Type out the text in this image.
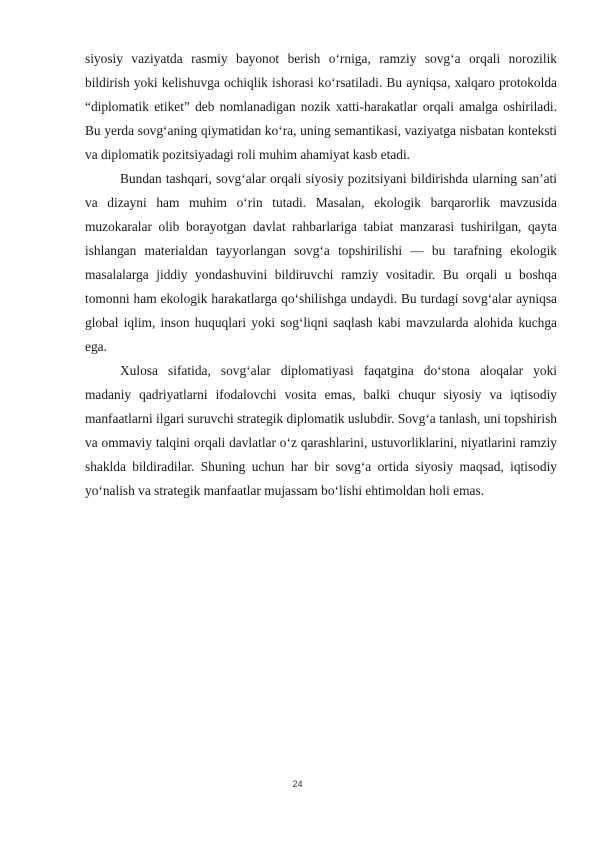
siyosiy vaziyatda rasmiy bayonot berish o‘rniga, ramziy sovg‘a orqali norozilik bildirish yoki kelishuvga ochiqlik ishorasi ko‘rsatiladi. Bu ayniqsa, xalqaro protokolda “diplomatik etiket” deb nomlanadigan nozik xatti-harakatlar orqali amalga oshiriladi. Bu yerda sovg‘aning qiymatidan ko‘ra, uning semantikasi, vaziyatga nisbatan konteksti va diplomatik pozitsiyadagi roli muhim ahamiyat kasb etadi.

Bundan tashqari, sovg‘alar orqali siyosiy pozitsiyani bildirishda ularning san’ati va dizayni ham muhim o‘rin tutadi. Masalan, ekologik barqarorlik mavzusida muzokaralar olib borayotgan davlat rahbarlariga tabiat manzarasi tushirilgan, qayta ishlangan materialdan tayyorlangan sovg‘a topshirilishi — bu tarafning ekologik masalalarga jiddiy yondashuvini bildiruvchi ramziy vositadir. Bu orqali u boshqa tomonni ham ekologik harakatlarga qo‘shilishga undaydi. Bu turdagi sovg‘alar ayniqsa global iqlim, inson huquqlari yoki sog‘liqni saqlash kabi mavzularda alohida kuchga ega.

Xulosa sifatida, sovg‘alar diplomatiyasi faqatgina do‘stona aloqalar yoki madaniy qadriyatlarni ifodalovchi vosita emas, balki chuqur siyosiy va iqtisodiy manfaatlarni ilgari suruvchi strategik diplomatik uslubdir. Sovg‘a tanlash, uni topshirish va ommaviy talqini orqali davlatlar o‘z qarashlarini, ustuvorliklarini, niyatlarini ramziy shaklda bildiradilar. Shuning uchun har bir sovg‘a ortida siyosiy maqsad, iqtisodiy yo‘nalish va strategik manfaatlar mujassam bo‘lishi ehtimoldan holi emas.

24
